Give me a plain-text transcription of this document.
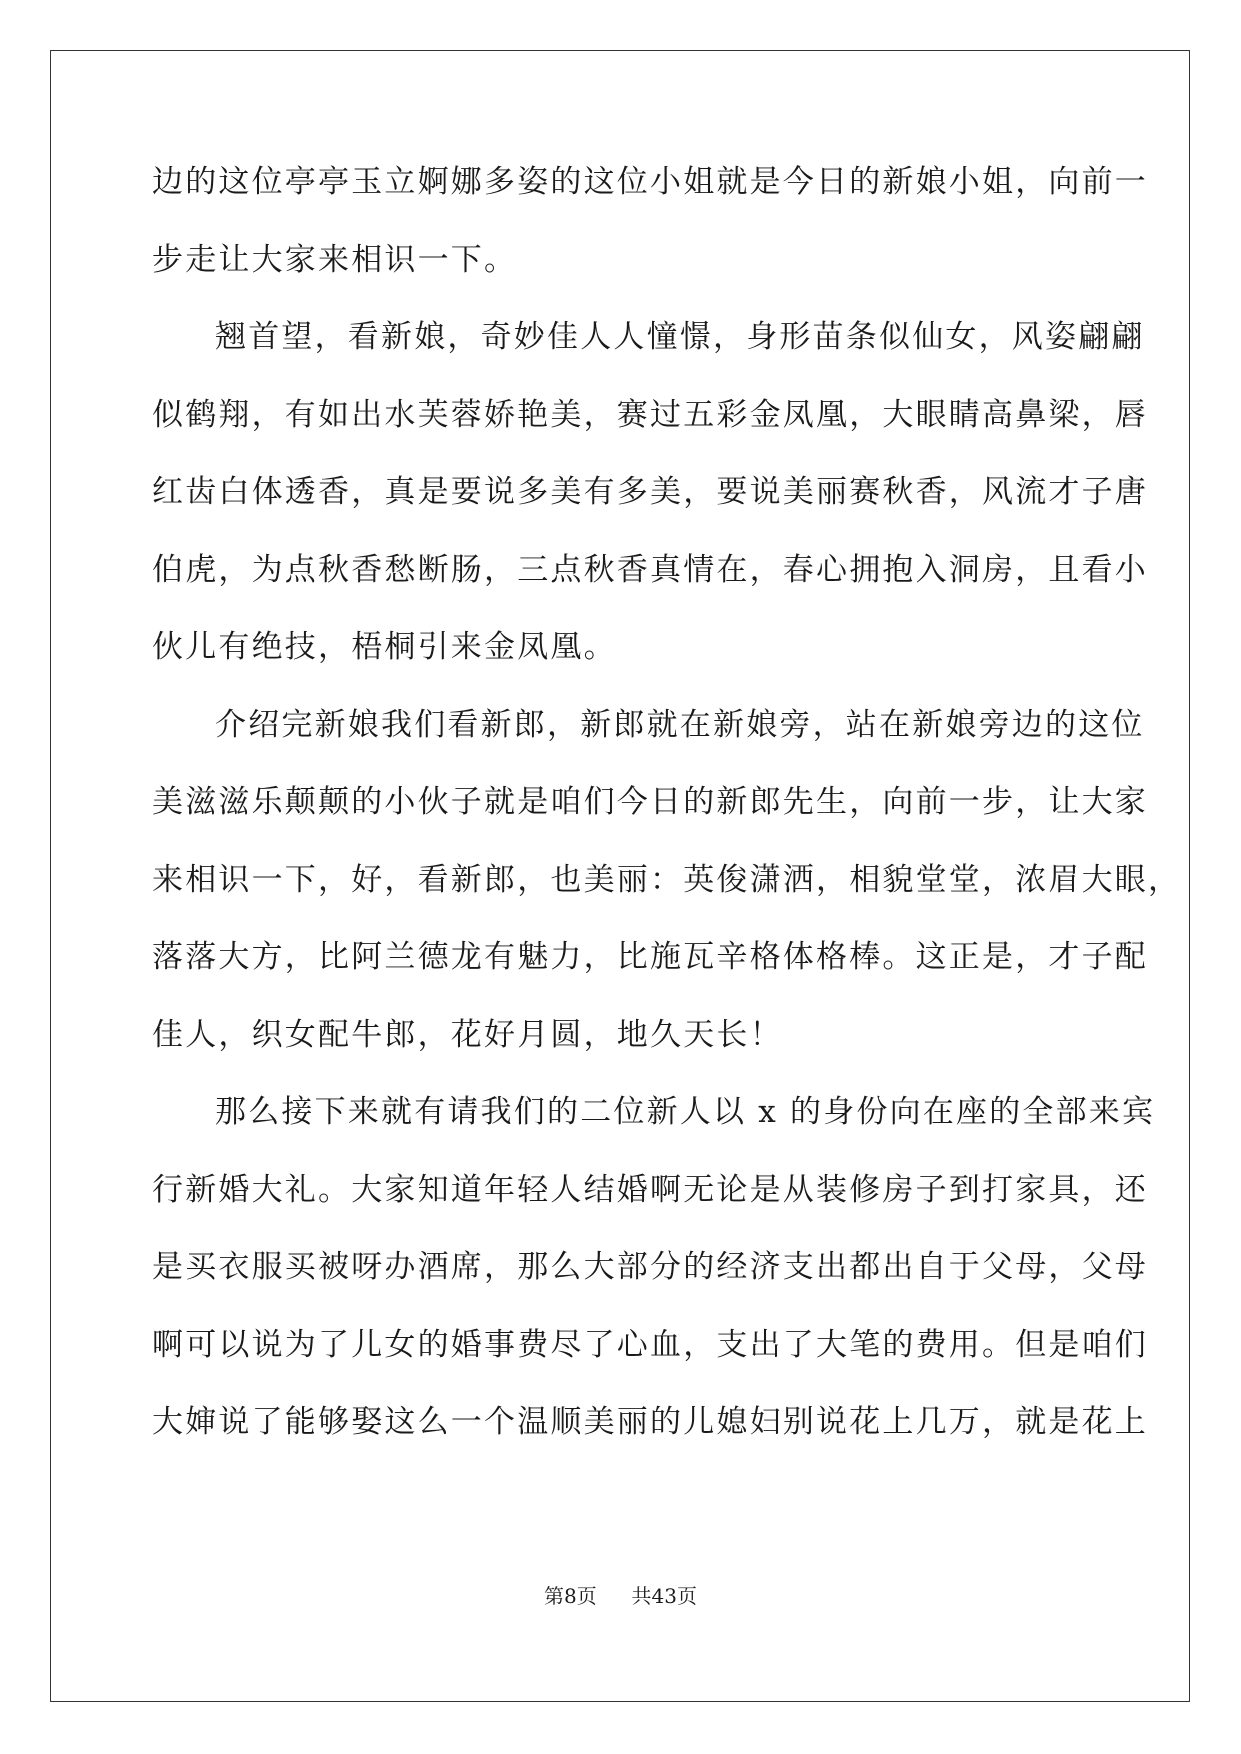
边的这位亭亭玉立婀娜多姿的这位小姐就是今日的新娘小姐，向前一
步走让大家来相识一下。
翘首望，看新娘，奇妙佳人人憧憬，身形苗条似仙女，风姿翩翩
似鹤翔，有如出水芙蓉娇艳美，赛过五彩金凤凰，大眼睛高鼻梁，唇
红齿白体透香，真是要说多美有多美，要说美丽赛秋香，风流才子唐
伯虎，为点秋香愁断肠，三点秋香真情在，春心拥抱入洞房，且看小
伙儿有绝技，梧桐引来金凤凰。
介绍完新娘我们看新郎，新郎就在新娘旁，站在新娘旁边的这位
美滋滋乐颠颠的小伙子就是咱们今日的新郎先生，向前一步，让大家
来相识一下，好，看新郎，也美丽：英俊潇洒，相貌堂堂，浓眉大眼，
落落大方，比阿兰德龙有魅力，比施瓦辛格体格棒。这正是，才子配
佳人，织女配牛郎，花好月圆，地久天长！
那么接下来就有请我们的二位新人以 x 的身份向在座的全部来宾
行新婚大礼。大家知道年轻人结婚啊无论是从装修房子到打家具，还
是买衣服买被呀办酒席，那么大部分的经济支出都出自于父母，父母
啊可以说为了儿女的婚事费尽了心血，支出了大笔的费用。但是咱们
大婶说了能够娶这么一个温顺美丽的儿媳妇别说花上几万，就是花上
第8页 共43页
